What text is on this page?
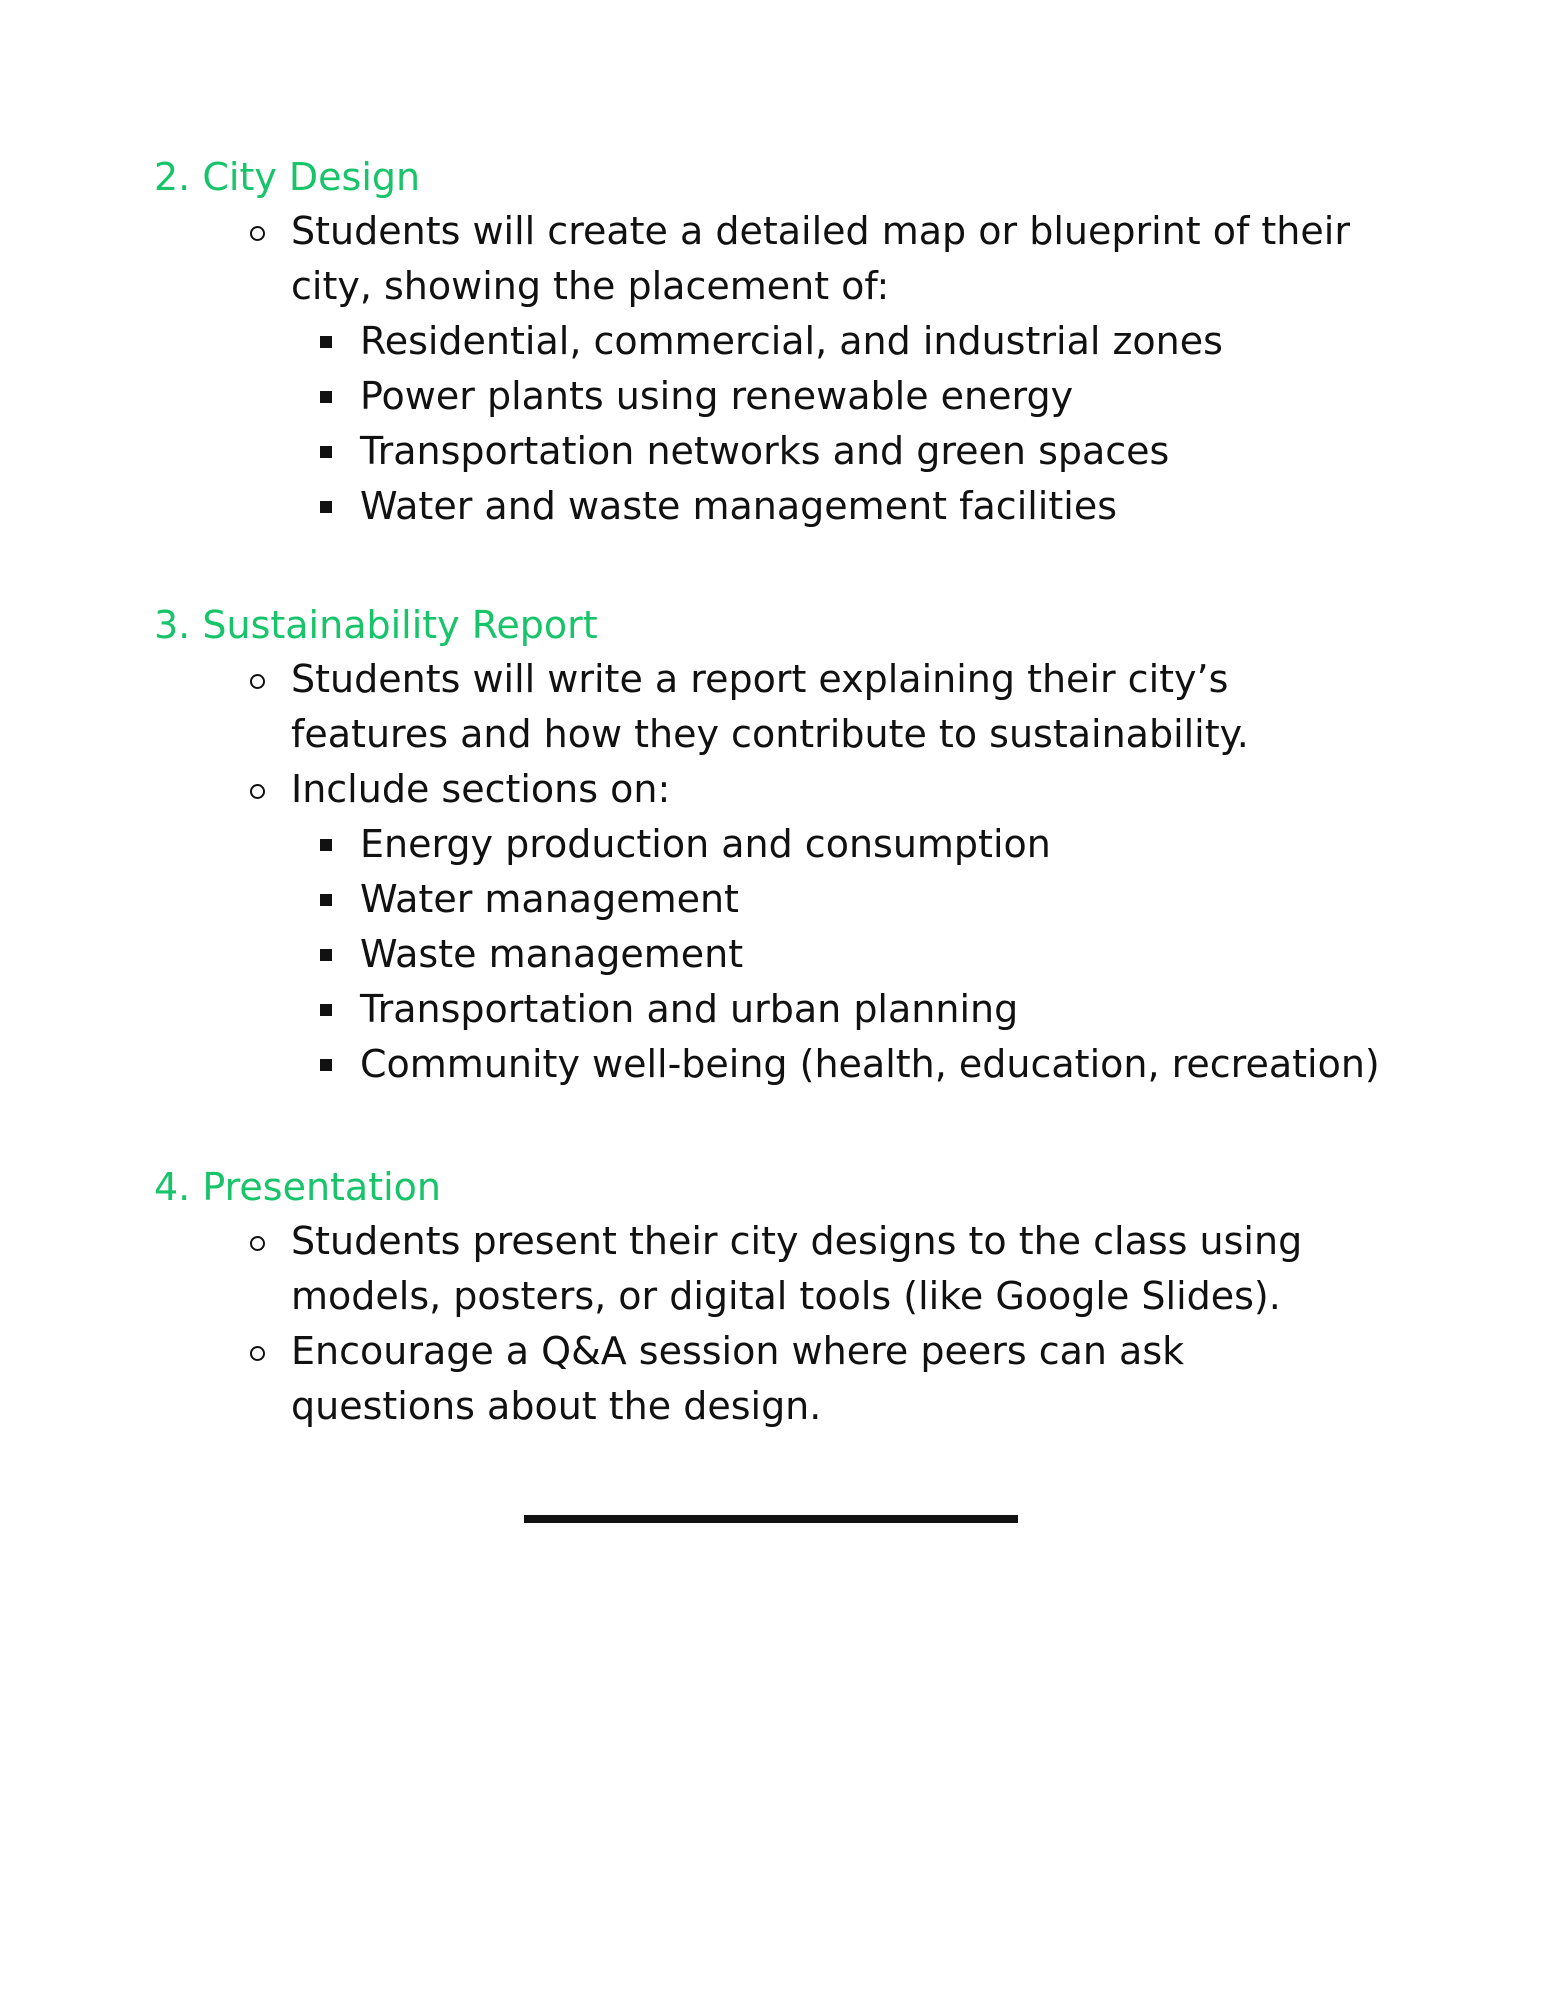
2. City Design
Students will create a detailed map or blueprint of their city, showing the placement of:
Residential, commercial, and industrial zones
Power plants using renewable energy
Transportation networks and green spaces
Water and waste management facilities
3. Sustainability Report
Students will write a report explaining their city’s features and how they contribute to sustainability.
Include sections on:
Energy production and consumption
Water management
Waste management
Transportation and urban planning
Community well-being (health, education, recreation)
4. Presentation
Students present their city designs to the class using models, posters, or digital tools (like Google Slides).
Encourage a Q&A session where peers can ask questions about the design.
